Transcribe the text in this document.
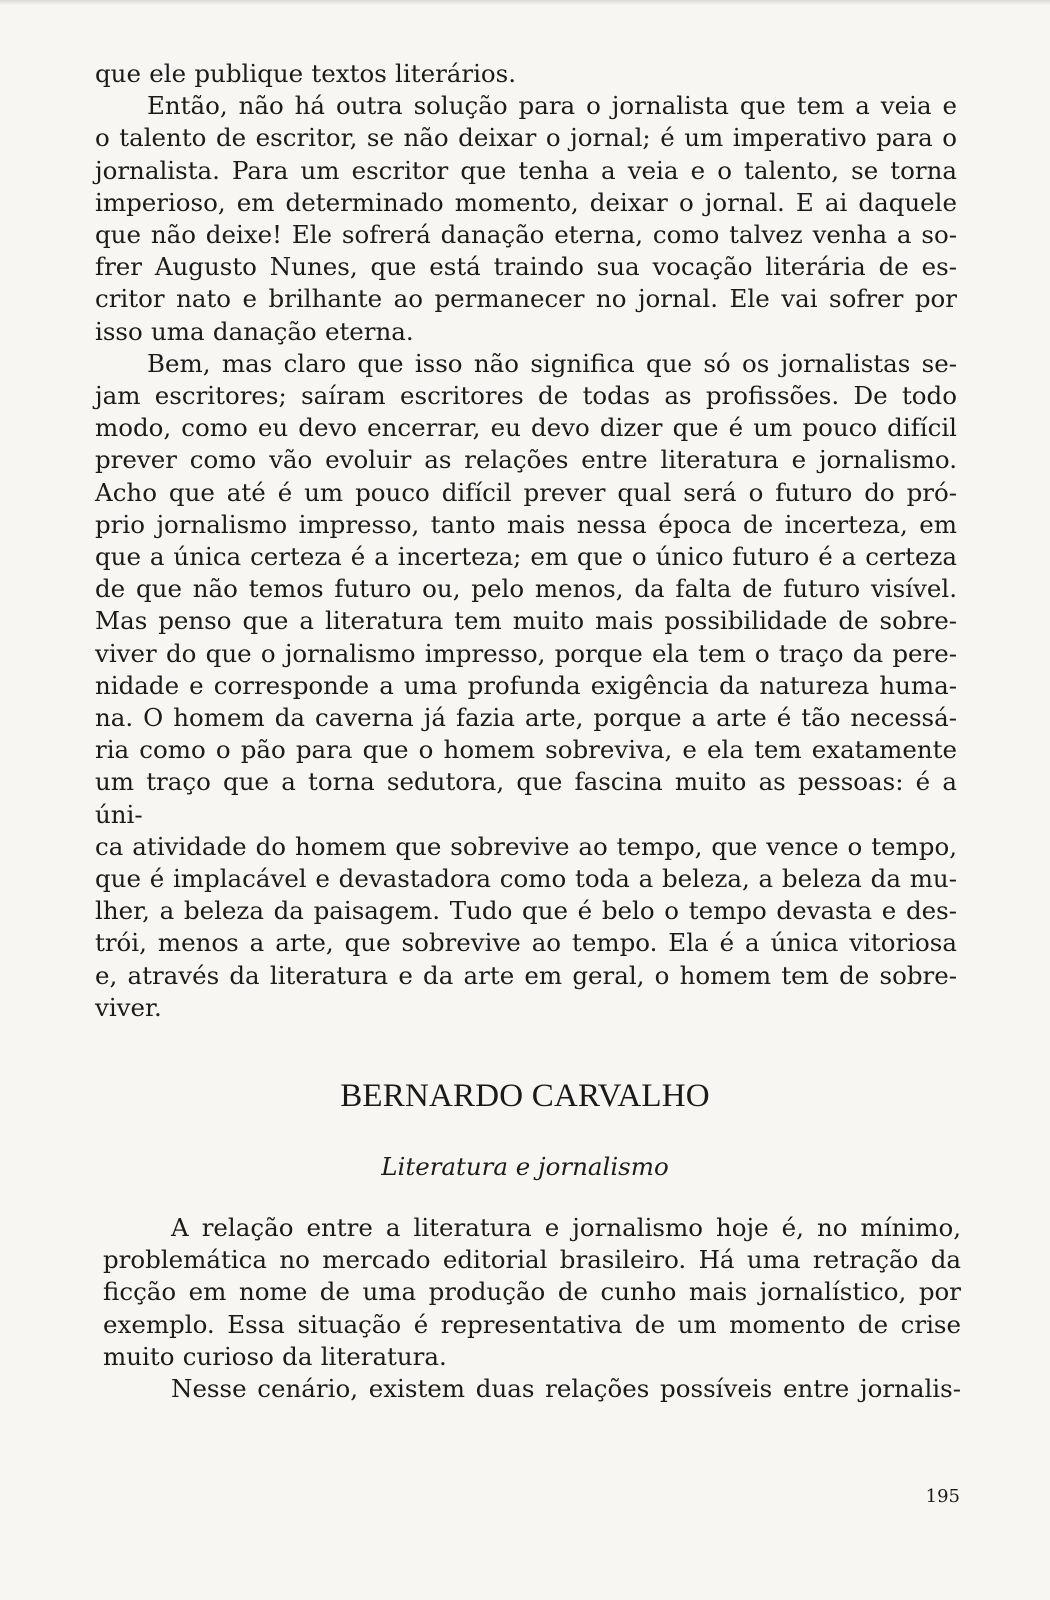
que ele publique textos literários.

Então, não há outra solução para o jornalista que tem a veia e
o talento de escritor, se não deixar o jornal; é um imperativo para o
jornalista. Para um escritor que tenha a veia e o talento, se torna
imperioso, em determinado momento, deixar o jornal. E ai daquele
que não deixe! Ele sofrerá danação eterna, como talvez venha a so-
frer Augusto Nunes, que está traindo sua vocação literária de es-
critor nato e brilhante ao permanecer no jornal. Ele vai sofrer por
isso uma danação eterna.

Bem, mas claro que isso não significa que só os jornalistas se-
jam escritores; saíram escritores de todas as profissões. De todo
modo, como eu devo encerrar, eu devo dizer que é um pouco difícil
prever como vão evoluir as relações entre literatura e jornalismo.
Acho que até é um pouco difícil prever qual será o futuro do pró-
prio jornalismo impresso, tanto mais nessa época de incerteza, em
que a única certeza é a incerteza; em que o único futuro é a certeza
de que não temos futuro ou, pelo menos, da falta de futuro visível.
Mas penso que a literatura tem muito mais possibilidade de sobre-
viver do que o jornalismo impresso, porque ela tem o traço da pere-
nidade e corresponde a uma profunda exigência da natureza huma-
na. O homem da caverna já fazia arte, porque a arte é tão necessá-
ria como o pão para que o homem sobreviva, e ela tem exatamente
um traço que a torna sedutora, que fascina muito as pessoas: é a úni-
ca atividade do homem que sobrevive ao tempo, que vence o tempo,
que é implacável e devastadora como toda a beleza, a beleza da mu-
lher, a beleza da paisagem. Tudo que é belo o tempo devasta e des-
trói, menos a arte, que sobrevive ao tempo. Ela é a única vitoriosa
e, através da literatura e da arte em geral, o homem tem de sobre-
viver.

BERNARDO CARVALHO
Literatura e jornalismo

A relação entre a literatura e jornalismo hoje é, no mínimo,
problemática no mercado editorial brasileiro. Há uma retração da
ficção em nome de uma produção de cunho mais jornalístico, por
exemplo. Essa situação é representativa de um momento de crise
muito curioso da literatura.

Nesse cenário, existem duas relações possíveis entre jornalis-

195
